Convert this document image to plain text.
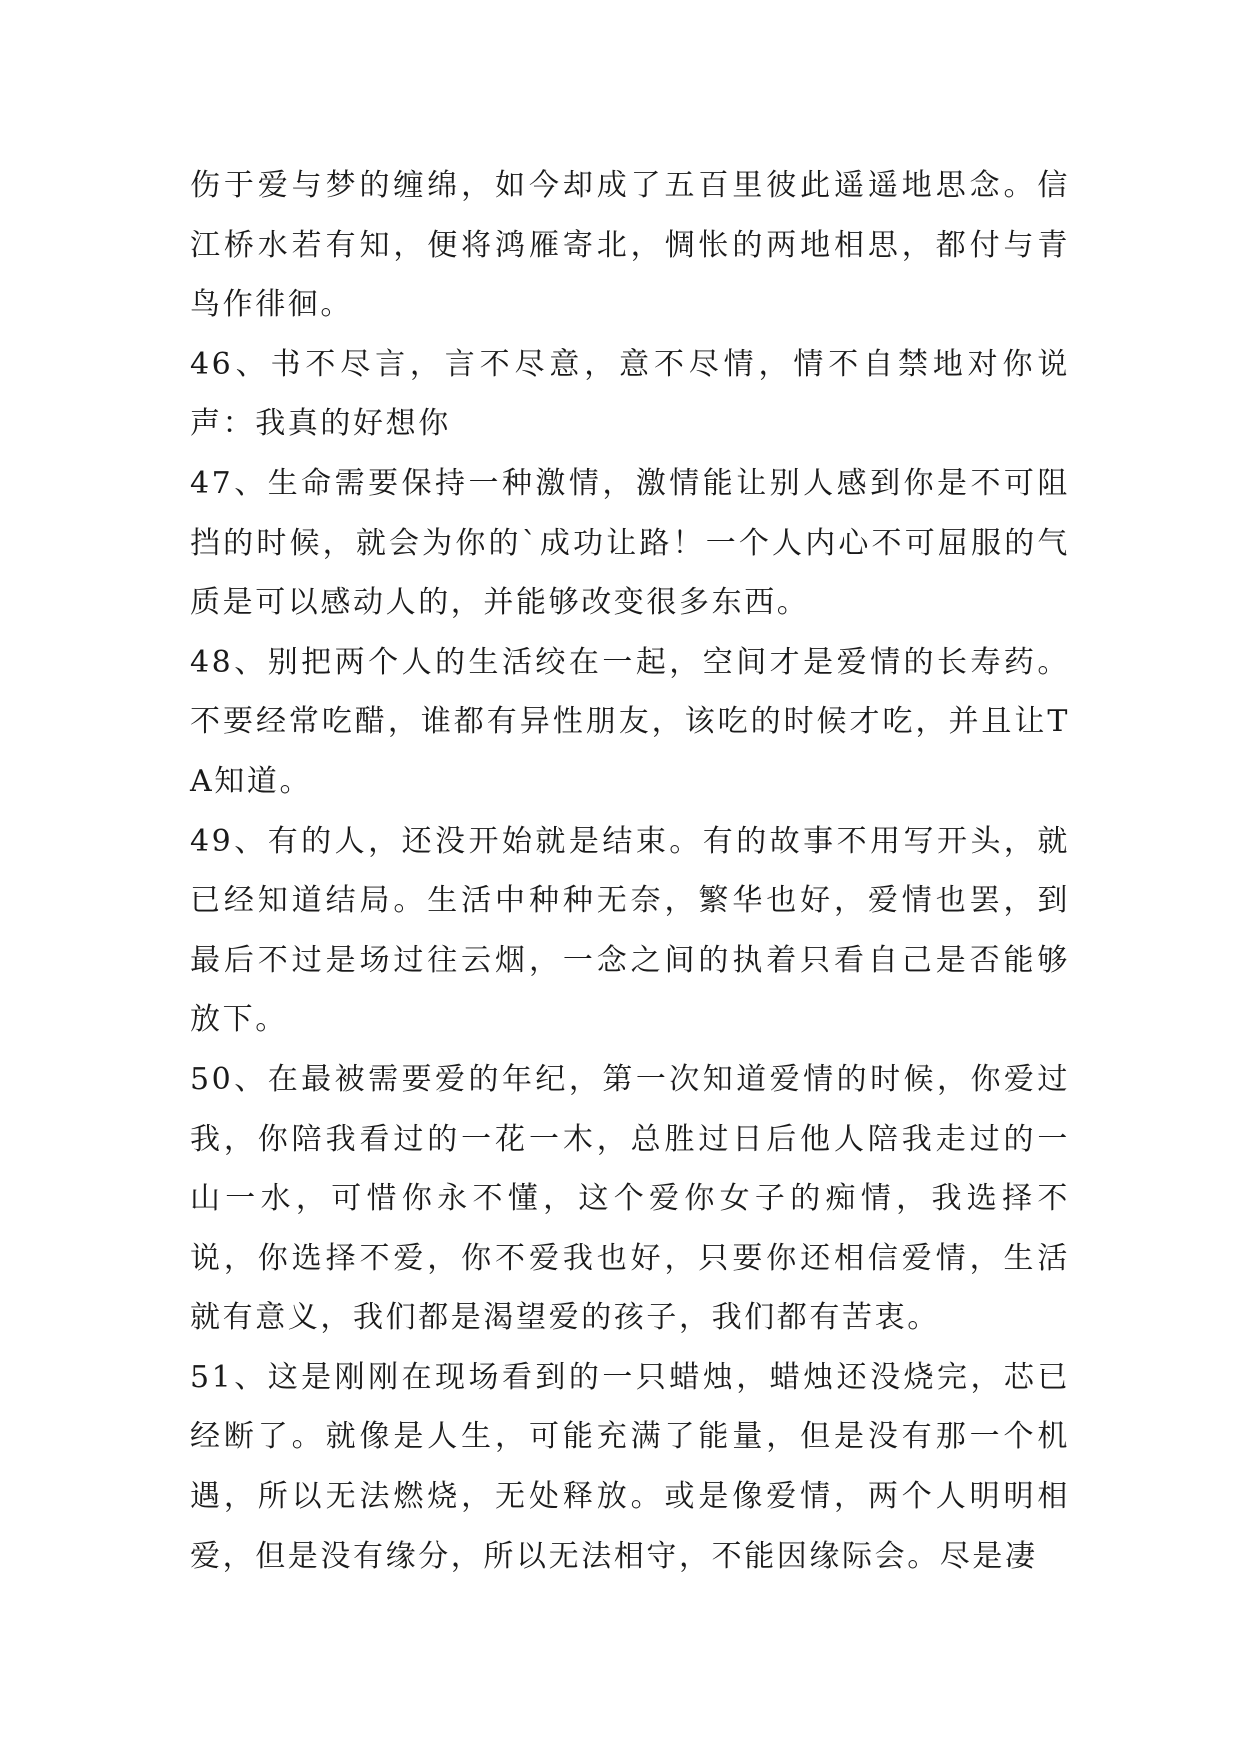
伤于爱与梦的缠绵，如今却成了五百里彼此遥遥地思念。信江桥水若有知，便将鸿雁寄北，惆怅的两地相思，都付与青鸟作徘徊。

46、书不尽言，言不尽意，意不尽情，情不自禁地对你说声：我真的好想你

47、生命需要保持一种激情，激情能让别人感到你是不可阻挡的时候，就会为你的`成功让路！一个人内心不可屈服的气质是可以感动人的，并能够改变很多东西。

48、别把两个人的生活绞在一起，空间才是爱情的长寿药。不要经常吃醋，谁都有异性朋友，该吃的时候才吃，并且让TA知道。

49、有的人，还没开始就是结束。有的故事不用写开头，就已经知道结局。生活中种种无奈，繁华也好，爱情也罢，到最后不过是场过往云烟，一念之间的执着只看自己是否能够放下。

50、在最被需要爱的年纪，第一次知道爱情的时候，你爱过我，你陪我看过的一花一木，总胜过日后他人陪我走过的一山一水，可惜你永不懂，这个爱你女子的痴情，我选择不说，你选择不爱，你不爱我也好，只要你还相信爱情，生活就有意义，我们都是渴望爱的孩子，我们都有苦衷。

51、这是刚刚在现场看到的一只蜡烛，蜡烛还没烧完，芯已经断了。就像是人生，可能充满了能量，但是没有那一个机遇，所以无法燃烧，无处释放。或是像爱情，两个人明明相爱，但是没有缘分，所以无法相守，不能因缘际会。尽是凄
